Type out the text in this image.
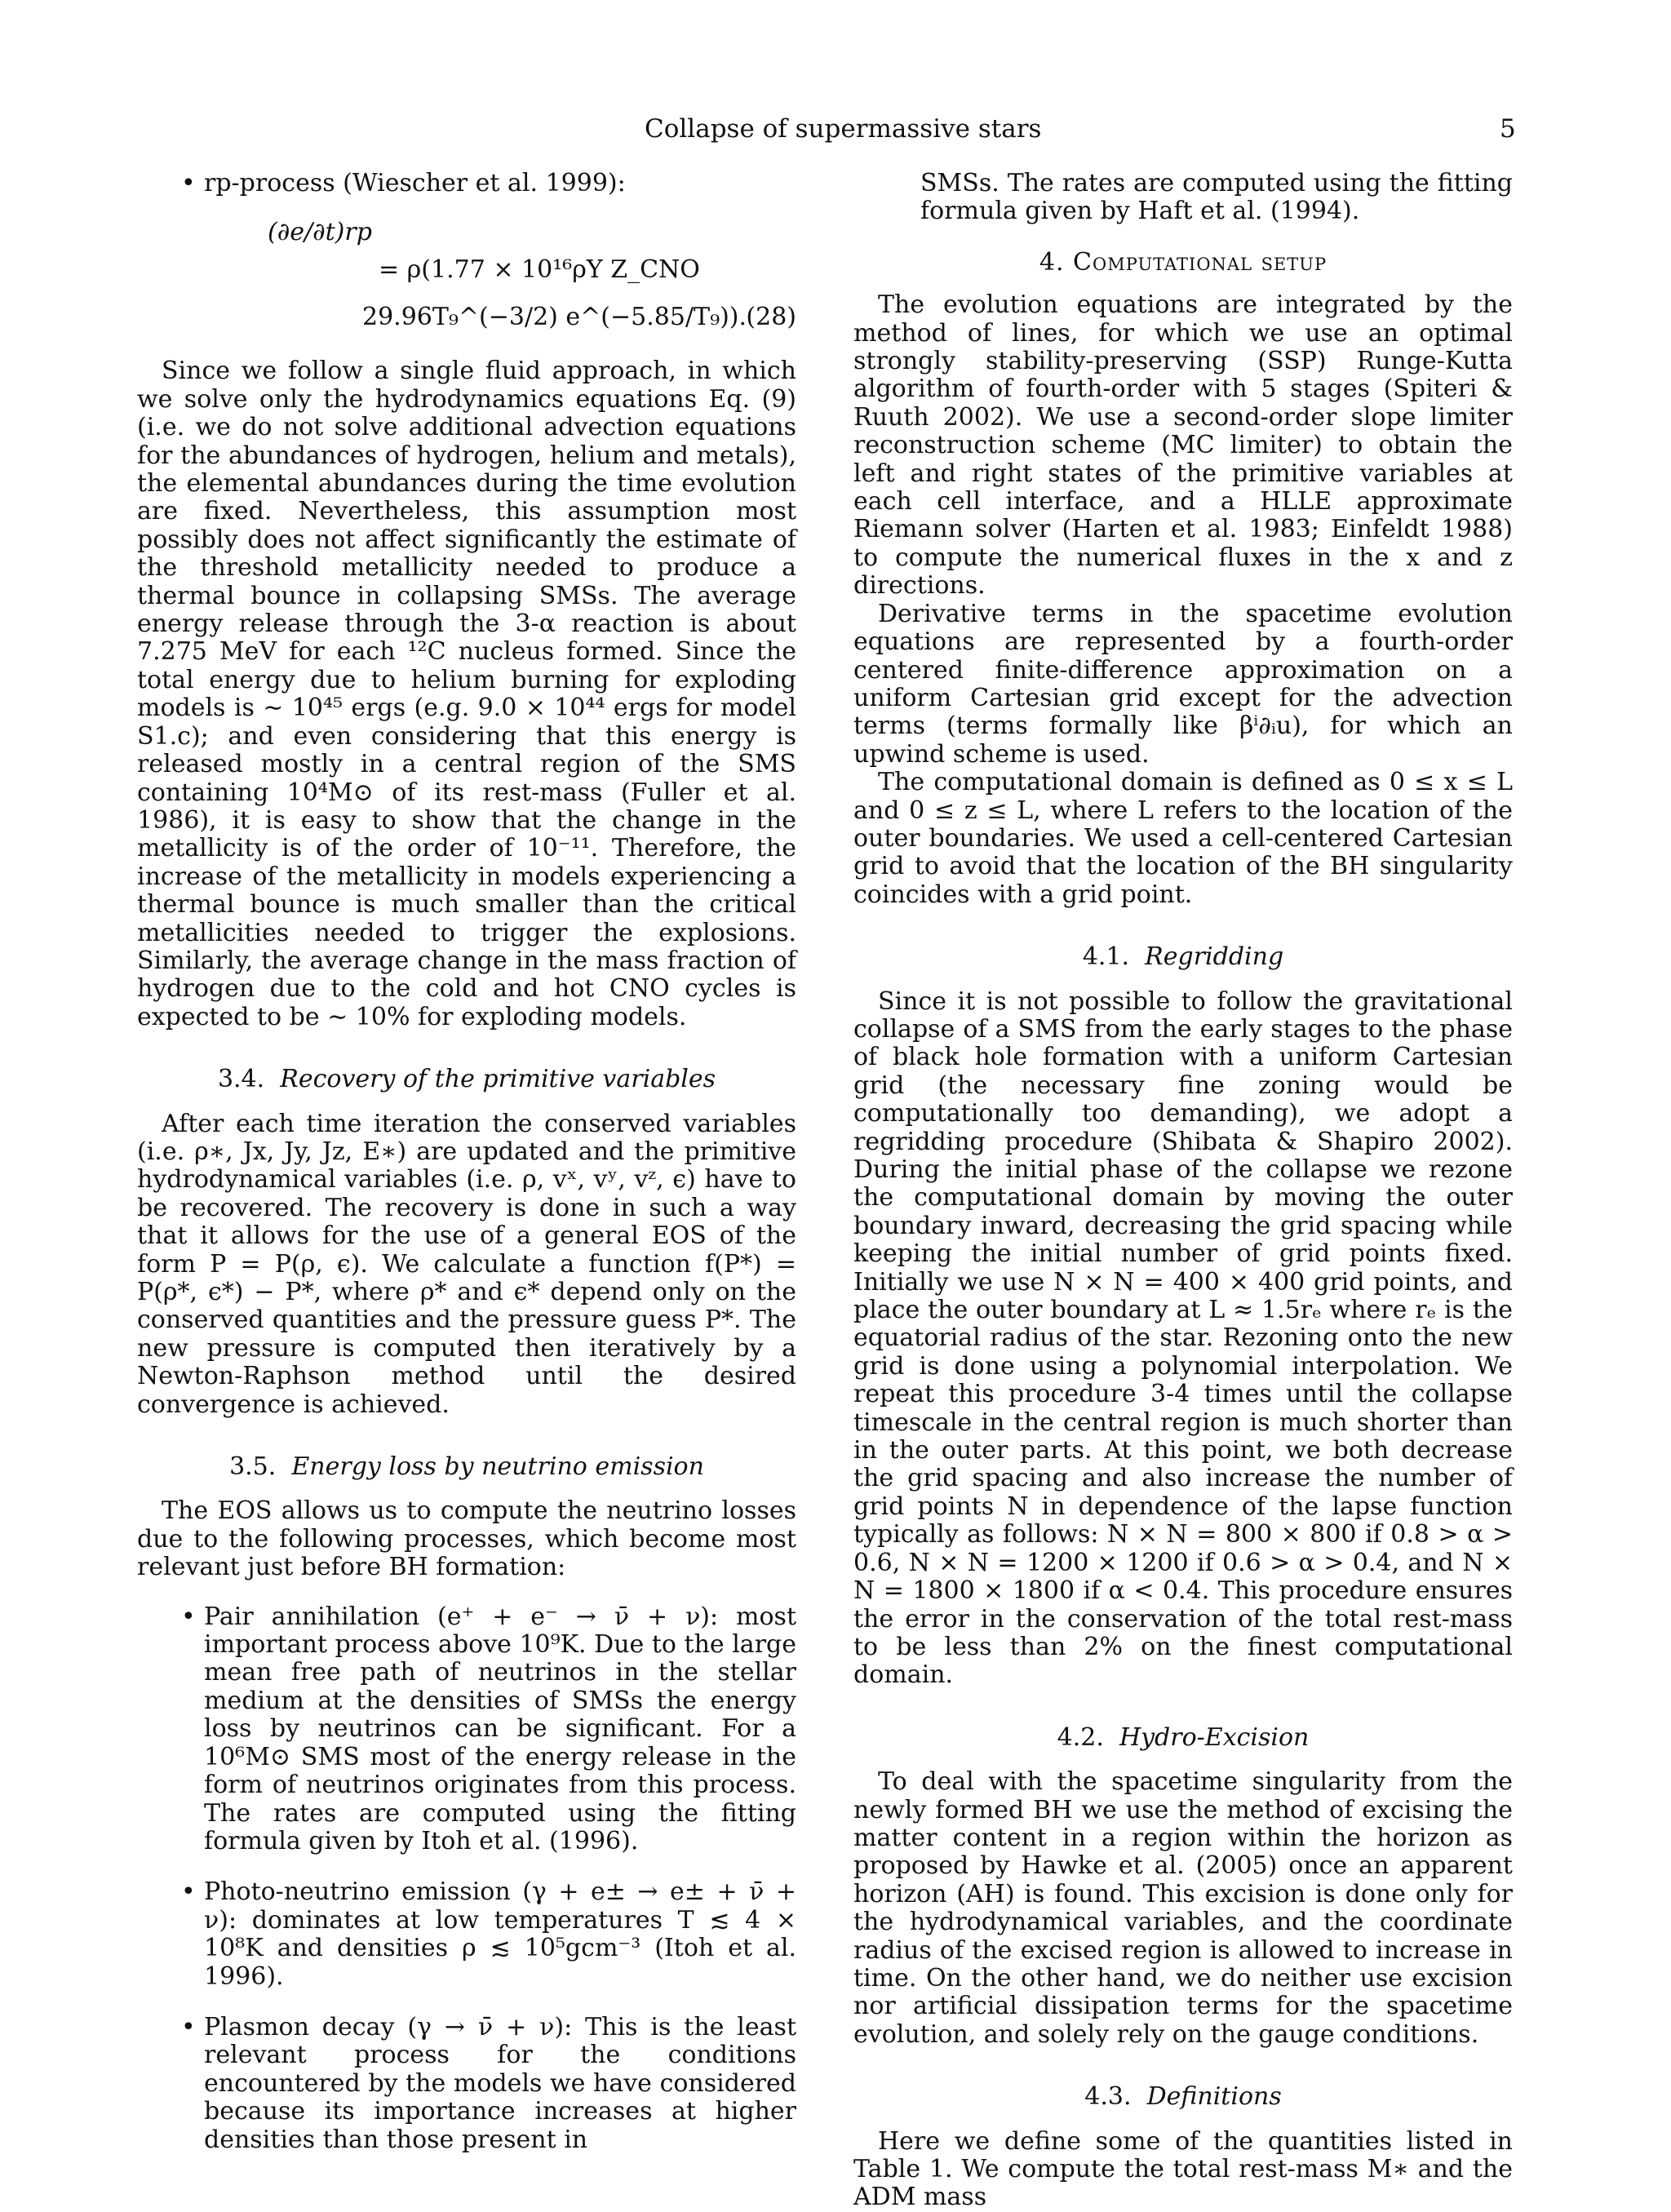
Collapse of supermassive stars	5
• rp-process (Wiescher et al. 1999):
(∂e/∂t)rp
= ρ(1.77 × 10¹⁶ρY Z_CNO
29.96T₉^(−3/2) e^(−5.85/T₉)). (28)

Since we follow a single fluid approach, in which we solve only the hydrodynamics equations Eq. (9) (i.e. we do not solve additional advection equations for the abundances of hydrogen, helium and metals), the elemental abundances during the time evolution are fixed. Nevertheless, this assumption most possibly does not affect significantly the estimate of the threshold metallicity needed to produce a thermal bounce in collapsing SMSs. The average energy release through the 3-α reaction is about 7.275 MeV for each ¹²C nucleus formed. Since the total energy due to helium burning for exploding models is ∼ 10⁴⁵ ergs (e.g. 9.0 × 10⁴⁴ ergs for model S1.c); and even considering that this energy is released mostly in a central region of the SMS containing 10⁴M⊙ of its rest-mass (Fuller et al. 1986), it is easy to show that the change in the metallicity is of the order of 10⁻¹¹. Therefore, the increase of the metallicity in models experiencing a thermal bounce is much smaller than the critical metallicities needed to trigger the explosions. Similarly, the average change in the mass fraction of hydrogen due to the cold and hot CNO cycles is expected to be ∼ 10% for exploding models.

3.4. Recovery of the primitive variables

After each time iteration the conserved variables (i.e. ρ∗, Jx, Jy, Jz, E∗) are updated and the primitive hydrodynamical variables (i.e. ρ, vˣ, vʸ, vᶻ, ϵ) have to be recovered. The recovery is done in such a way that it allows for the use of a general EOS of the form P = P(ρ, ϵ). We calculate a function f(P*) = P(ρ*, ϵ*) − P*, where ρ* and ϵ* depend only on the conserved quantities and the pressure guess P*. The new pressure is computed then iteratively by a Newton-Raphson method until the desired convergence is achieved.

3.5. Energy loss by neutrino emission

The EOS allows us to compute the neutrino losses due to the following processes, which become most relevant just before BH formation:

• Pair annihilation (e⁺ + e⁻ → ν̄ + ν): most important process above 10⁹K. Due to the large mean free path of neutrinos in the stellar medium at the densities of SMSs the energy loss by neutrinos can be significant. For a 10⁶M⊙ SMS most of the energy release in the form of neutrinos originates from this process. The rates are computed using the fitting formula given by Itoh et al. (1996).
• Photo-neutrino emission (γ + e± → e± + ν̄ + ν): dominates at low temperatures T ≲ 4 × 10⁸K and densities ρ ≲ 10⁵gcm⁻³ (Itoh et al. 1996).
• Plasmon decay (γ → ν̄ + ν): This is the least relevant process for the conditions encountered by the models we have considered because its importance increases at higher densities than those present in

SMSs. The rates are computed using the fitting formula given by Haft et al. (1994).

4. Computational setup

The evolution equations are integrated by the method of lines, for which we use an optimal strongly stability-preserving (SSP) Runge-Kutta algorithm of fourth-order with 5 stages (Spiteri & Ruuth 2002). We use a second-order slope limiter reconstruction scheme (MC limiter) to obtain the left and right states of the primitive variables at each cell interface, and a HLLE approximate Riemann solver (Harten et al. 1983; Einfeldt 1988) to compute the numerical fluxes in the x and z directions.

Derivative terms in the spacetime evolution equations are represented by a fourth-order centered finite-difference approximation on a uniform Cartesian grid except for the advection terms (terms formally like βⁱ∂ᵢu), for which an upwind scheme is used.

The computational domain is defined as 0 ≤ x ≤ L and 0 ≤ z ≤ L, where L refers to the location of the outer boundaries. We used a cell-centered Cartesian grid to avoid that the location of the BH singularity coincides with a grid point.

4.1. Regridding

Since it is not possible to follow the gravitational collapse of a SMS from the early stages to the phase of black hole formation with a uniform Cartesian grid (the necessary fine zoning would be computationally too demanding), we adopt a regridding procedure (Shibata & Shapiro 2002). During the initial phase of the collapse we rezone the computational domain by moving the outer boundary inward, decreasing the grid spacing while keeping the initial number of grid points fixed. Initially we use N × N = 400 × 400 grid points, and place the outer boundary at L ≈ 1.5rₑ where rₑ is the equatorial radius of the star. Rezoning onto the new grid is done using a polynomial interpolation. We repeat this procedure 3-4 times until the collapse timescale in the central region is much shorter than in the outer parts. At this point, we both decrease the grid spacing and also increase the number of grid points N in dependence of the lapse function typically as follows: N × N = 800 × 800 if 0.8 > α > 0.6, N × N = 1200 × 1200 if 0.6 > α > 0.4, and N × N = 1800 × 1800 if α < 0.4. This procedure ensures the error in the conservation of the total rest-mass to be less than 2% on the finest computational domain.

4.2. Hydro-Excision

To deal with the spacetime singularity from the newly formed BH we use the method of excising the matter content in a region within the horizon as proposed by Hawke et al. (2005) once an apparent horizon (AH) is found. This excision is done only for the hydrodynamical variables, and the coordinate radius of the excised region is allowed to increase in time. On the other hand, we do neither use excision nor artificial dissipation terms for the spacetime evolution, and solely rely on the gauge conditions.

4.3. Definitions

Here we define some of the quantities listed in Table 1. We compute the total rest-mass M∗ and the ADM mass
